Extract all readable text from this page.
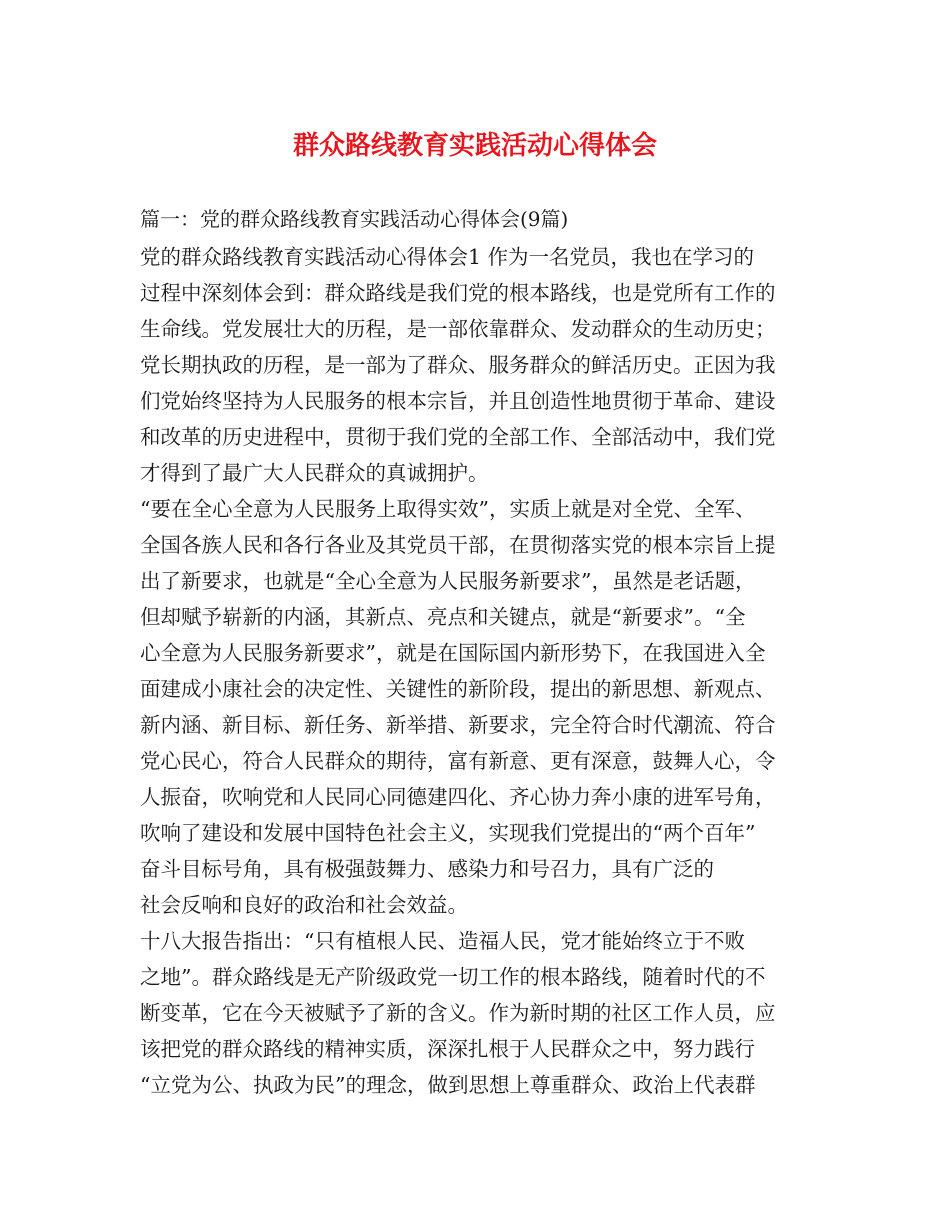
群众路线教育实践活动心得体会
篇一：党的群众路线教育实践活动心得体会(9篇)
党的群众路线教育实践活动心得体会1 作为一名党员，我也在学习的
过程中深刻体会到：群众路线是我们党的根本路线，也是党所有工作的
生命线。党发展壮大的历程，是一部依靠群众、发动群众的生动历史；
党长期执政的历程，是一部为了群众、服务群众的鲜活历史。正因为我
们党始终坚持为人民服务的根本宗旨，并且创造性地贯彻于革命、建设
和改革的历史进程中，贯彻于我们党的全部工作、全部活动中，我们党
才得到了最广大人民群众的真诚拥护。
“要在全心全意为人民服务上取得实效”，实质上就是对全党、全军、
全国各族人民和各行各业及其党员干部，在贯彻落实党的根本宗旨上提
出了新要求，也就是“全心全意为人民服务新要求”，虽然是老话题，
但却赋予崭新的内涵，其新点、亮点和关键点，就是“新要求”。“全
心全意为人民服务新要求”，就是在国际国内新形势下，在我国进入全
面建成小康社会的决定性、关键性的新阶段，提出的新思想、新观点、
新内涵、新目标、新任务、新举措、新要求，完全符合时代潮流、符合
党心民心，符合人民群众的期待，富有新意、更有深意，鼓舞人心，令
人振奋，吹响党和人民同心同德建四化、齐心协力奔小康的进军号角，
吹响了建设和发展中国特色社会主义，实现我们党提出的“两个百年”
奋斗目标号角，具有极强鼓舞力、感染力和号召力，具有广泛的
社会反响和良好的政治和社会效益。
十八大报告指出：“只有植根人民、造福人民，党才能始终立于不败
之地”。群众路线是无产阶级政党一切工作的根本路线，随着时代的不
断变革，它在今天被赋予了新的含义。作为新时期的社区工作人员，应
该把党的群众路线的精神实质，深深扎根于人民群众之中，努力践行
“立党为公、执政为民”的理念，做到思想上尊重群众、政治上代表群
